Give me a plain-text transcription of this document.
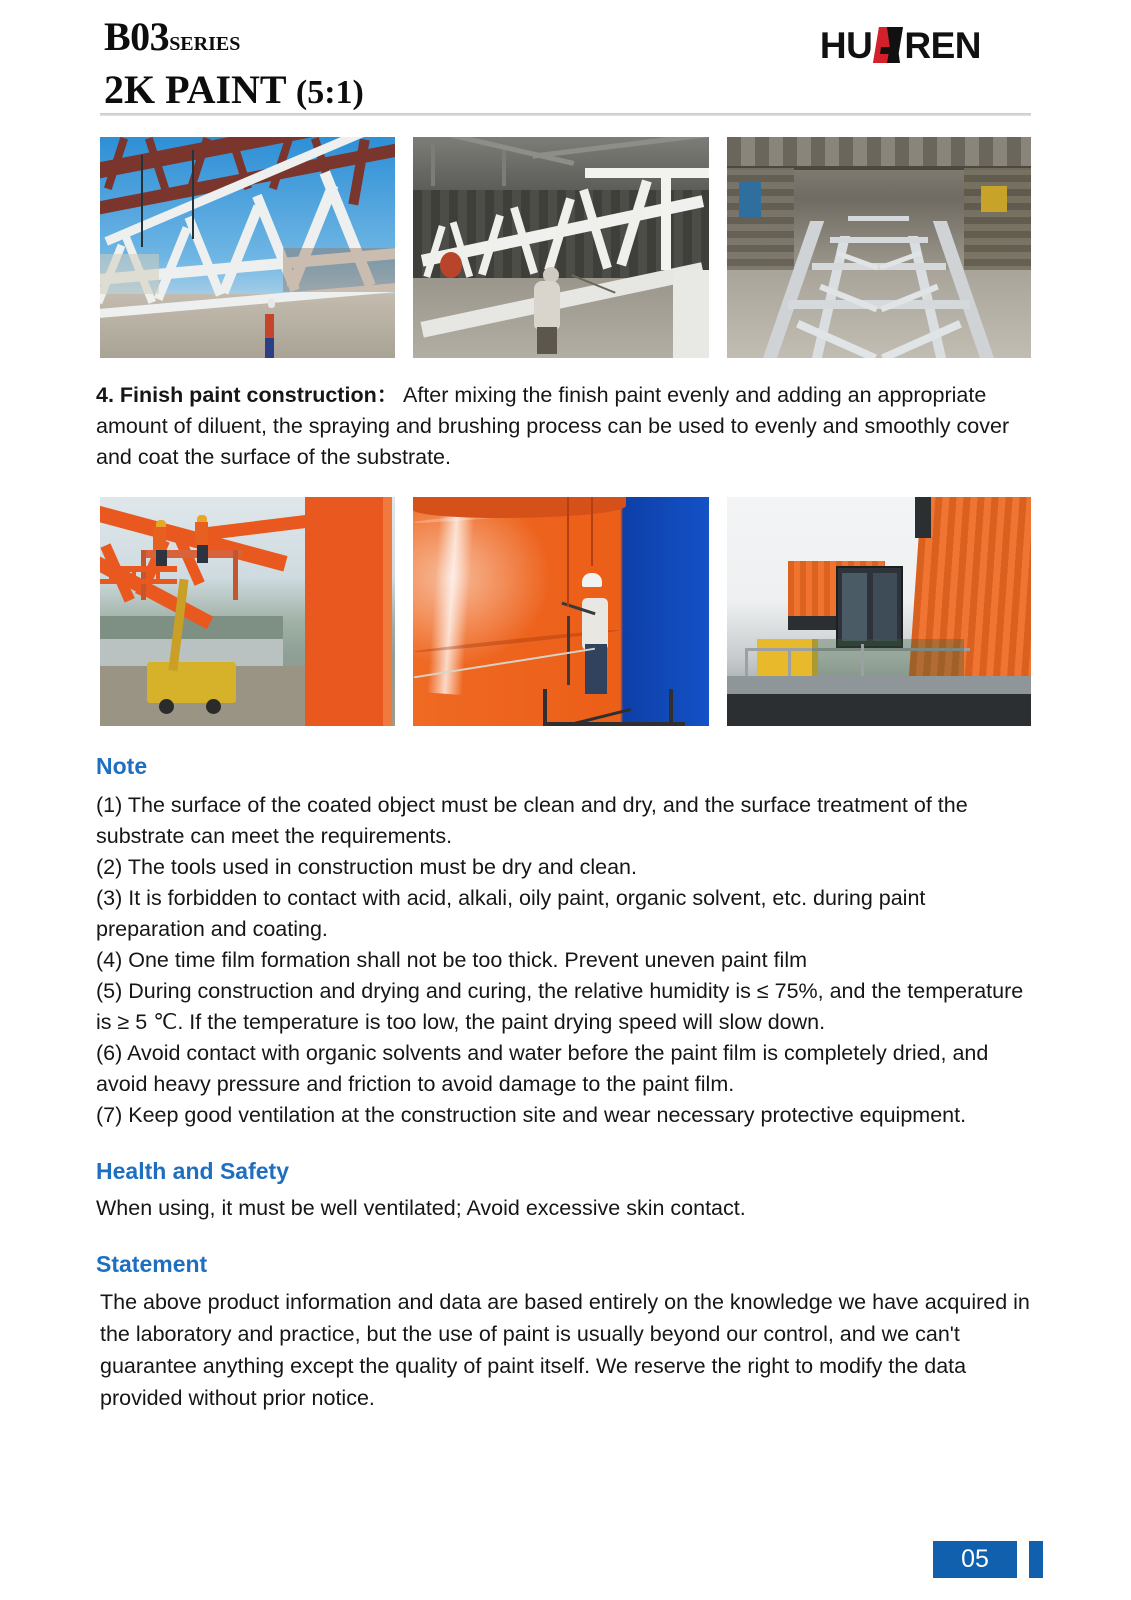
B03SERIES
2K PAINT (5:1)
HU REN
4. Finish paint construction： After mixing the finish paint evenly and adding an appropriate amount of diluent, the spraying and brushing process can be used to evenly and smoothly cover and coat the surface of the substrate.
Note

(1) The surface of the coated object must be clean and dry, and the surface treatment of the substrate can meet the requirements.

(2) The tools used in construction must be dry and clean.

(3) It is forbidden to contact with acid, alkali, oily paint, organic solvent, etc. during paint preparation and coating.

(4) One time film formation shall not be too thick. Prevent uneven paint film

(5) During construction and drying and curing, the relative humidity is ≤ 75%, and the temperature is ≥ 5 ℃. If the temperature is too low, the paint drying speed will slow down.

(6) Avoid contact with organic solvents and water before the paint film is completely dried, and avoid heavy pressure and friction to avoid damage to the paint film.

(7) Keep good ventilation at the construction site and wear necessary protective equipment.

Health and Safety
When using, it must be well ventilated; Avoid excessive skin contact.
Statement
The above product information and data are based entirely on the knowledge we have acquired in the laboratory and practice, but the use of paint is usually beyond our control, and we can't guarantee anything except the quality of paint itself. We reserve the right to modify the data provided without prior notice.
05
